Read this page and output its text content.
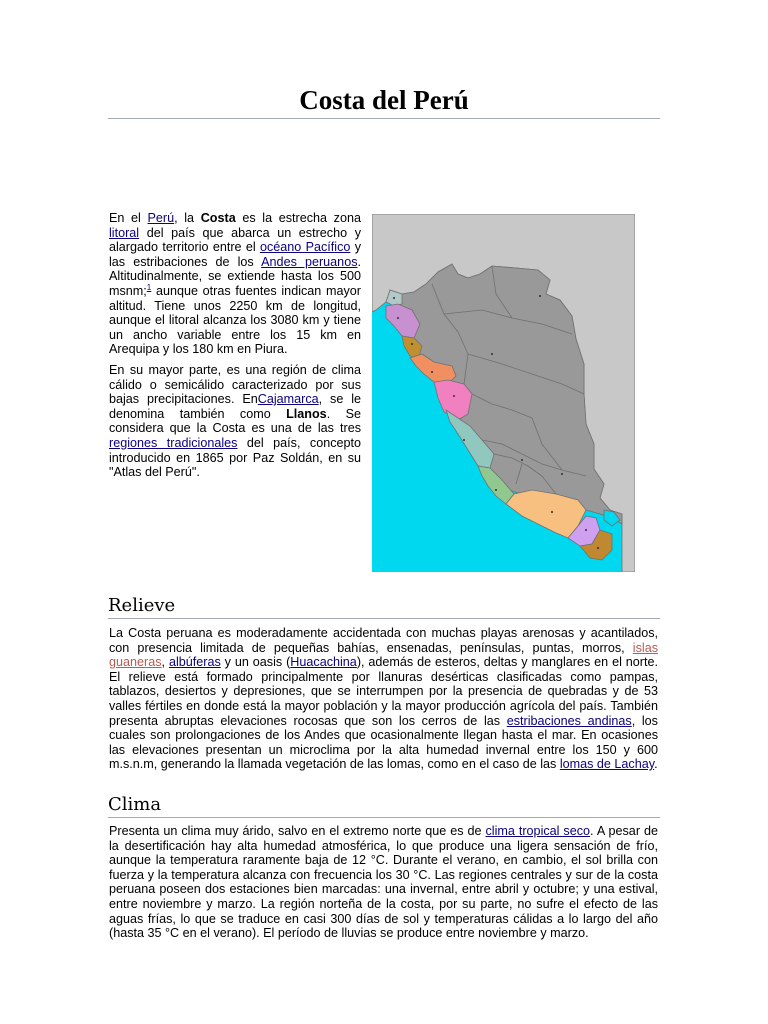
Costa del Perú

En el Perú, la Costa es la estrecha zona litoral del país que abarca un estrecho y alargado territorio entre el océano Pacífico y las estribaciones de los Andes peruanos. Altitudinalmente, se extiende hasta los 500 msnm;$^1$ aunque otras fuentes indican mayor altitud. Tiene unos 2250 km de longitud, aunque el litoral alcanza los 3080 km y tiene un ancho variable entre los 15 km en Arequipa y los 180 km en Piura.

En su mayor parte, es una región de clima cálido o semicálido caracterizado por sus bajas precipitaciones. EnCajamarca, se le denomina también como Llanos. Se considera que la Costa es una de las tres regiones tradicionales del país, concepto introducido en 1865 por Paz Soldán, en su "Atlas del Perú".

Relieve

La Costa peruana es moderadamente accidentada con muchas playas arenosas y acantilados, con presencia limitada de pequeñas bahías, ensenadas, penínsulas, puntas, morros, islas guaneras, albúferas y un oasis (Huacachina), además de esteros, deltas y manglares en el norte. El relieve está formado principalmente por llanuras desérticas clasificadas como pampas, tablazos, desiertos y depresiones, que se interrumpen por la presencia de quebradas y de 53 valles fértiles en donde está la mayor población y la mayor producción agrícola del país. También presenta abruptas elevaciones rocosas que son los cerros de las estribaciones andinas, los cuales son prolongaciones de los Andes que ocasionalmente llegan hasta el mar. En ocasiones las elevaciones presentan un microclima por la alta humedad invernal entre los 150 y 600 m.s.n.m, generando la llamada vegetación de las lomas, como en el caso de las lomas de Lachay.

Clima

Presenta un clima muy árido, salvo en el extremo norte que es de clima tropical seco. A pesar de la desertificación hay alta humedad atmosférica, lo que produce una ligera sensación de frío, aunque la temperatura raramente baja de 12 °C. Durante el verano, en cambio, el sol brilla con fuerza y la temperatura alcanza con frecuencia los 30 °C. Las regiones centrales y sur de la costa peruana poseen dos estaciones bien marcadas: una invernal, entre abril y octubre; y una estival, entre noviembre y marzo. La región norteña de la costa, por su parte, no sufre el efecto de las aguas frías, lo que se traduce en casi 300 días de sol y temperaturas cálidas a lo largo del año (hasta 35 °C en el verano). El período de lluvias se produce entre noviembre y marzo.
